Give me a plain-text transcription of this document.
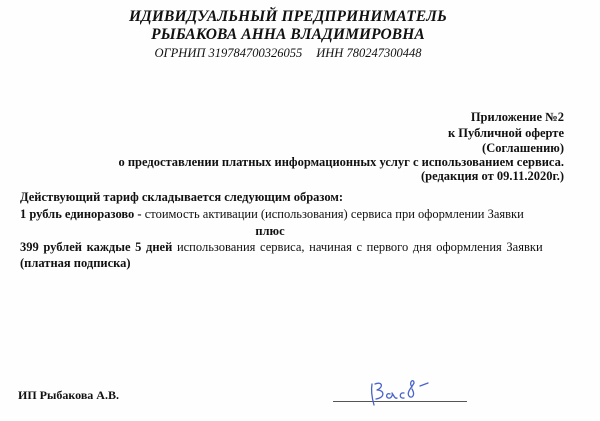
ИДИВИДУАЛЬНЫЙ ПРЕДПРИНИМАТЕЛЬ
РЫБАКОВА АННА ВЛАДИМИРОВНА
ОГРНИП 319784700326055 ИНН 780247300448
Приложение №2
к Публичной оферте
(Соглашению)
о предоставлении платных информационных услуг с использованием сервиса.
(редакция от 09.11.2020г.)
Действующий тариф складывается следующим образом:
1 рубль единоразово - стоимость активации (использования) сервиса при оформлении Заявки
плюс
399 рублей каждые 5 дней использования сервиса, начиная с первого дня оформления Заявки
(платная подписка)
ИП Рыбакова А.В.
